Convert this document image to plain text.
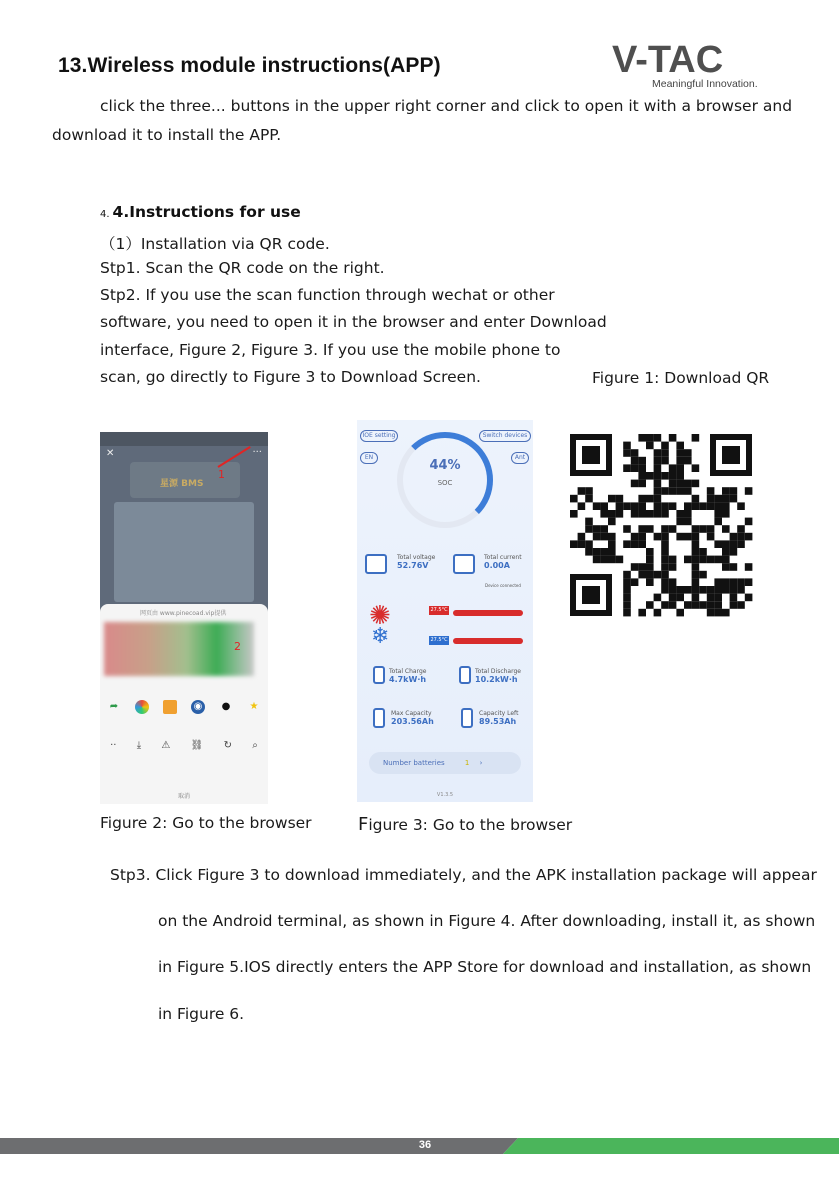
13.Wireless module instructions(APP)	V-TAC
Meaningful Innovation.
click the three... buttons in the upper right corner and click to open it with a browser and
download it to install the APP.
4. 4.Instructions for use
（1）Installation via QR code.
Stp1. Scan the QR code on the right.
Stp2. If you use the scan function through wechat or other
software, you need to open it in the browser and enter Download
interface, Figure 2, Figure 3. If you use the mobile phone to
scan, go directly to Figure 3 to Download Screen.	Figure 1: Download QR
✕	···
星源 BMS
1
网页由 www.pinecoad.vip提供
2
➦	◉ ● ★
·· ⤓ ⚠ ⛓ ↻ ⌕
取消
IOE setting	Switch devices
EN	Ant
44%
SOC
Total voltage
52.76V
Total current
0.00A
Device connected
✺
❄
27.5°C
27.5°C
Total Charge
4.7kW·h
Total Discharge
10.2kW·h
Max Capacity
203.56Ah
Capacity Left
89.53Ah
Number batteries	1 ›
V1.3.5
Figure 2: Go to the browser	Figure 3: Go to the browser
Stp3. Click Figure 3 to download immediately, and the APK installation package will appear
on the Android terminal, as shown in Figure 4. After downloading, install it, as shown
in Figure 5.IOS directly enters the APP Store for download and installation, as shown
in Figure 6.
36
